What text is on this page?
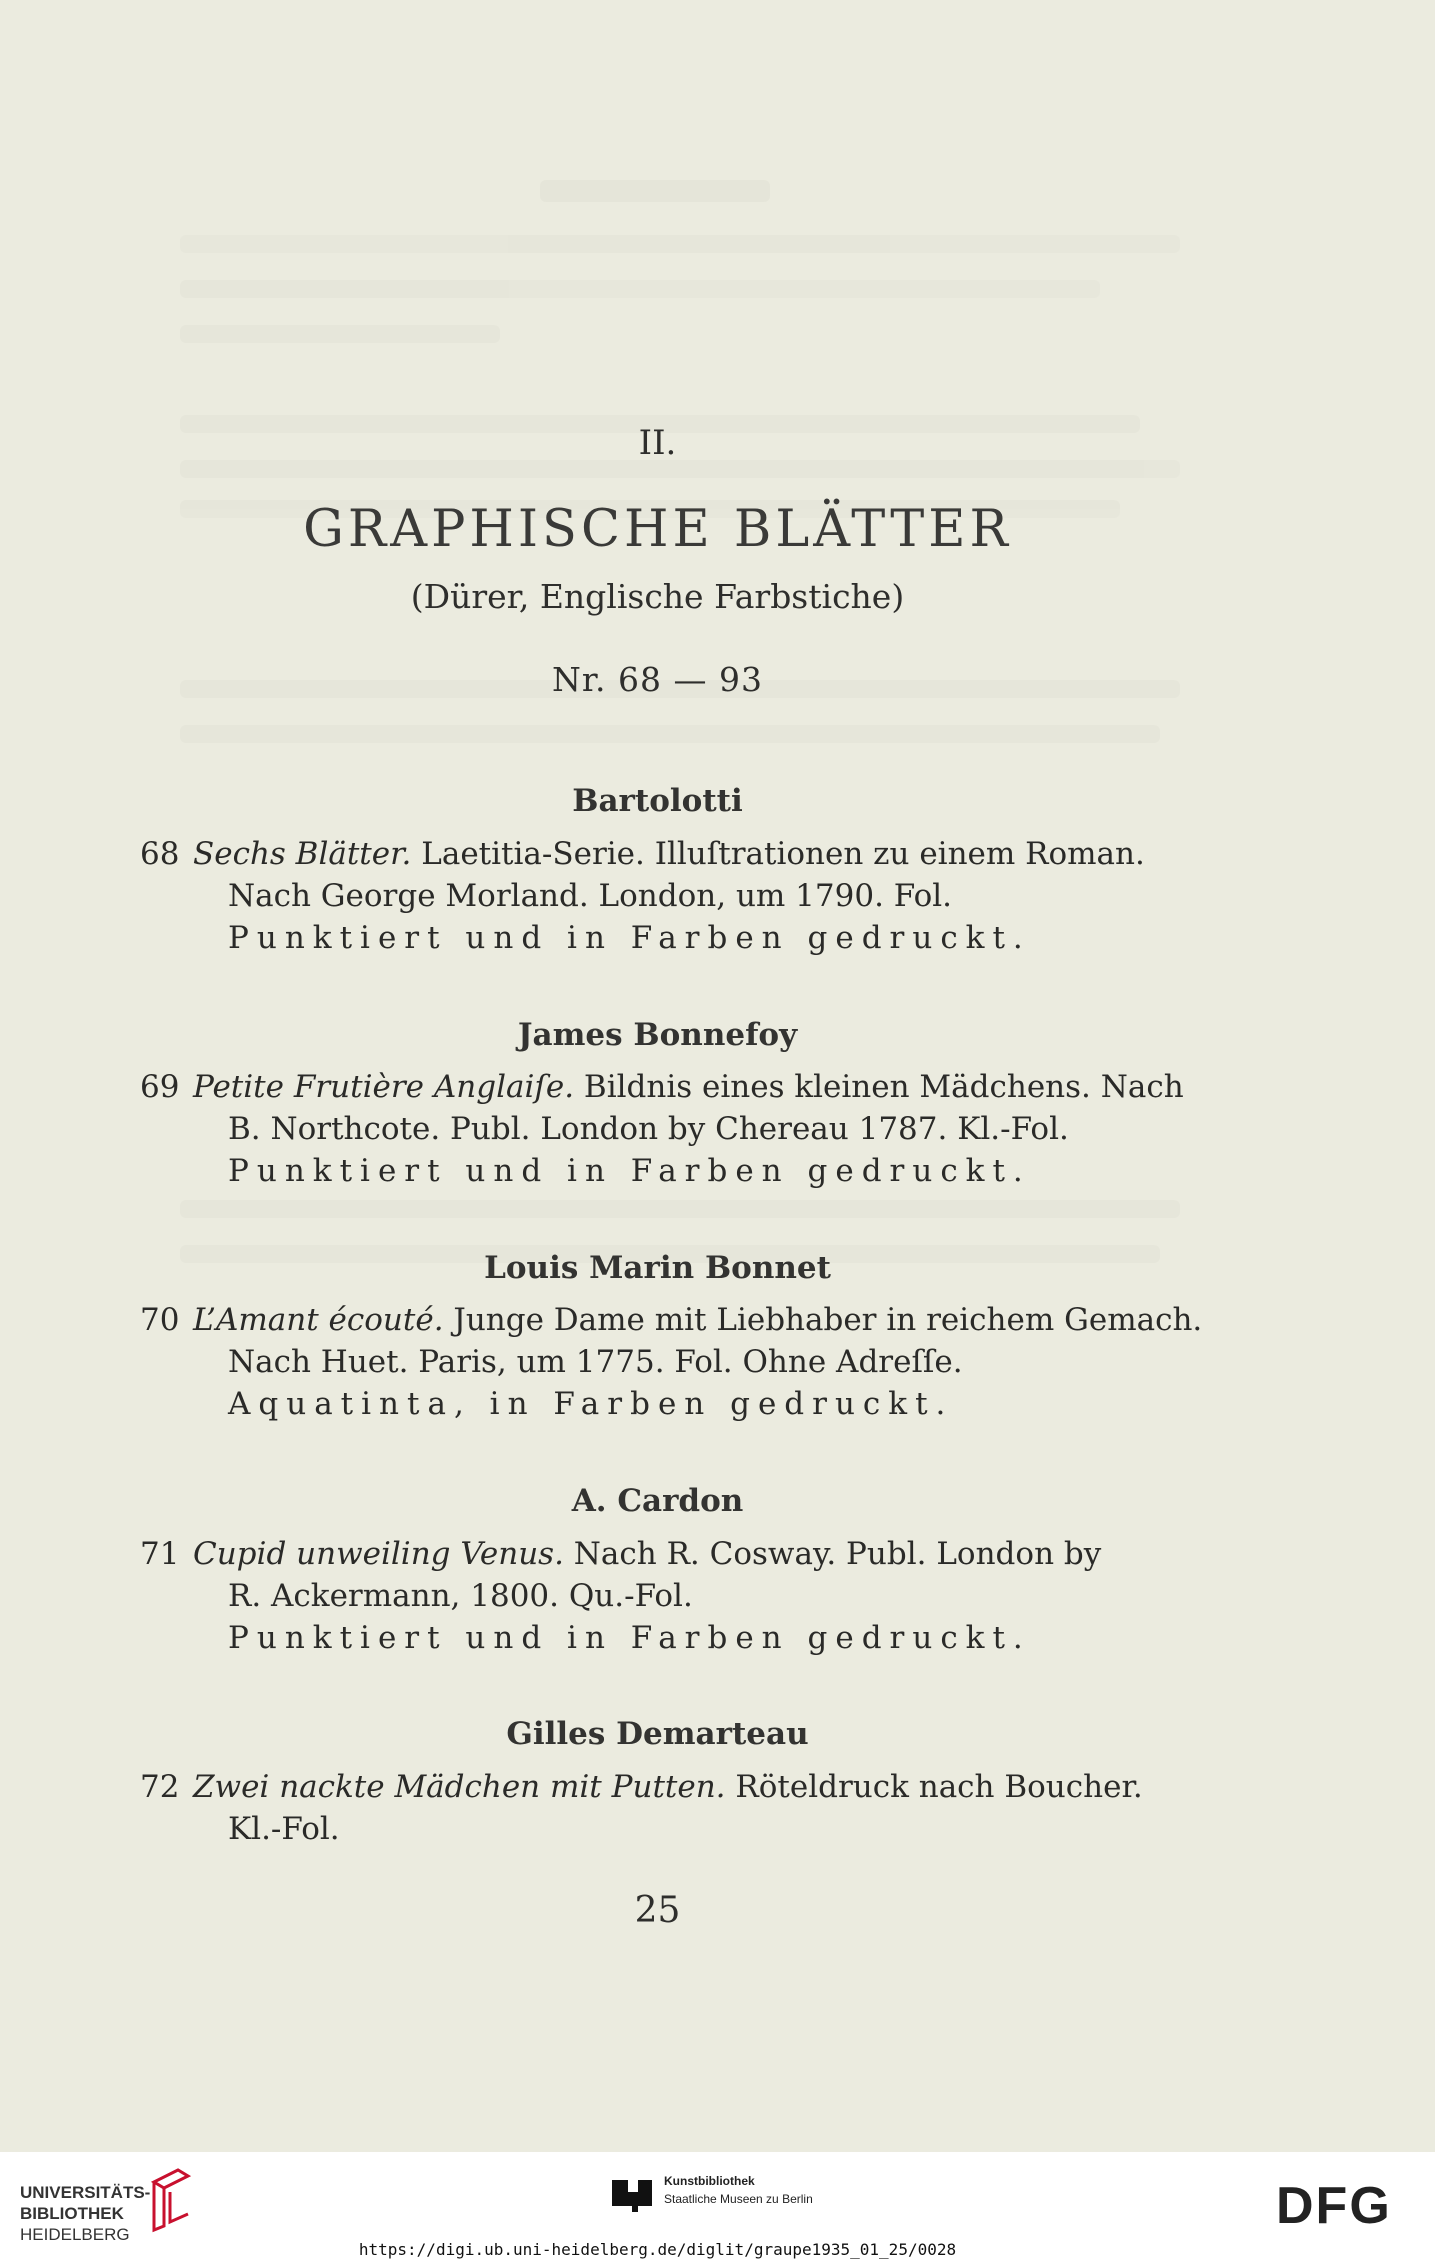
II.
GRAPHISCHE BLÄTTER
(Dürer, Englische Farbstiche)
Nr. 68 — 93
Bartolotti
68 Sechs Blätter. Laetitia-Serie. Illuſtrationen zu einem Roman.
Nach George Morland. London, um 1790. Fol.
Punktiert und in Farben gedruckt.
James Bonnefoy
69 Petite Frutière Anglaiſe. Bildnis eines kleinen Mädchens. Nach
B. Northcote. Publ. London by Chereau 1787. Kl.-Fol.
Punktiert und in Farben gedruckt.
Louis Marin Bonnet
70 L’Amant écouté. Junge Dame mit Liebhaber in reichem Gemach.
Nach Huet. Paris, um 1775. Fol. Ohne Adreſſe.
Aquatinta, in Farben gedruckt.
A. Cardon
71 Cupid unweiling Venus. Nach R. Cosway. Publ. London by
R. Ackermann, 1800. Qu.-Fol.
Punktiert und in Farben gedruckt.
Gilles Demarteau
72 Zwei nackte Mädchen mit Putten. Röteldruck nach Boucher.
Kl.-Fol.
25
UNIVERSITÄTS-
BIBLIOTHEK
HEIDELBERG
Kunstbibliothek
Staatliche Museen zu Berlin	DFG
https://digi.ub.uni-heidelberg.de/diglit/graupe1935_01_25/0028
